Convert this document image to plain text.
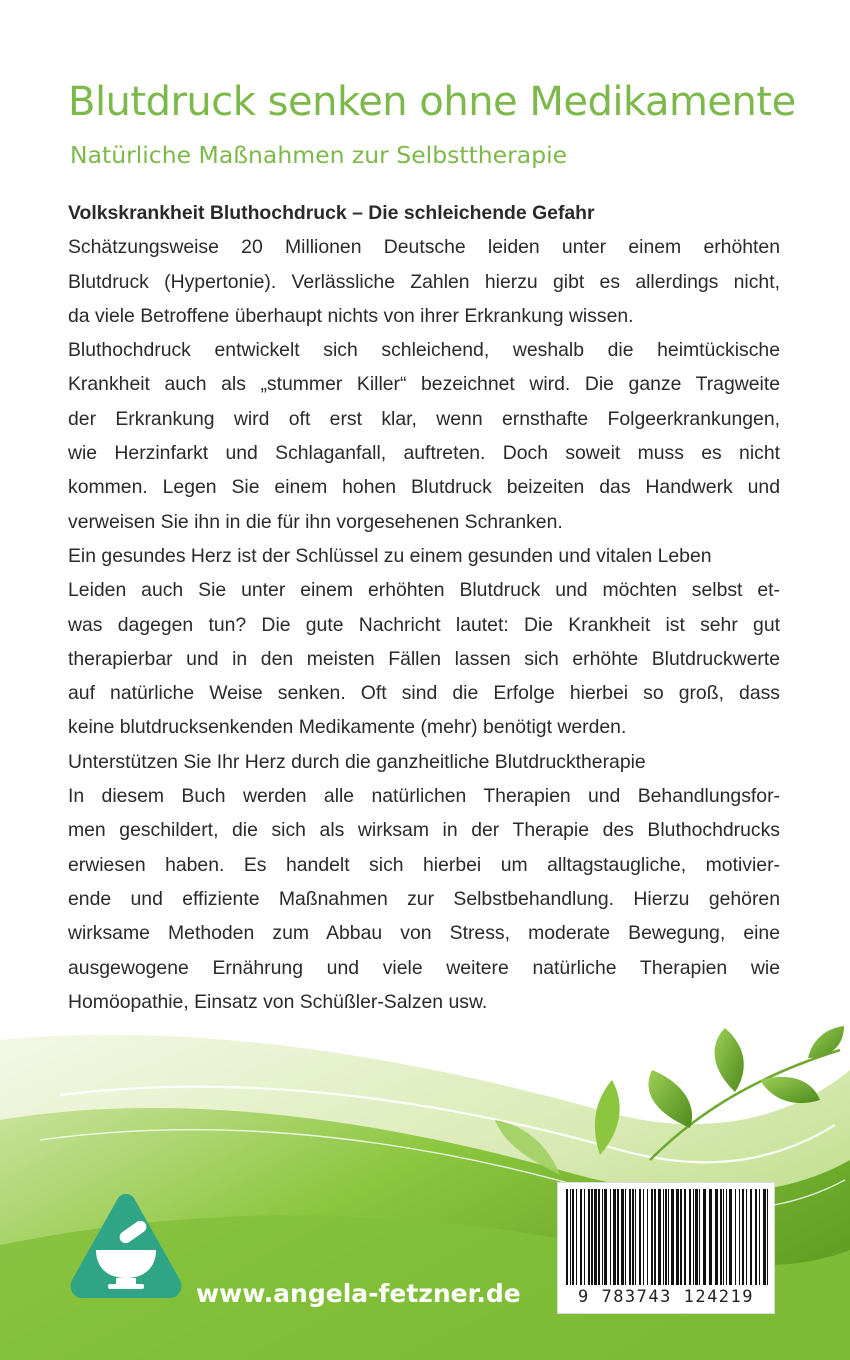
Blutdruck senken ohne Medikamente
Natürliche Maßnahmen zur Selbsttherapie
Volkskrankheit Bluthochdruck – Die schleichende Gefahr
Schätzungsweise 20 Millionen Deutsche leiden unter einem erhöhten
Blutdruck (Hypertonie). Verlässliche Zahlen hierzu gibt es allerdings nicht,
da viele Betroffene überhaupt nichts von ihrer Erkrankung wissen.
Bluthochdruck entwickelt sich schleichend, weshalb die heimtückische
Krankheit auch als „stummer Killer“ bezeichnet wird. Die ganze Tragweite
der Erkrankung wird oft erst klar, wenn ernsthafte Folgeerkrankungen,
wie Herzinfarkt und Schlaganfall, auftreten. Doch soweit muss es nicht
kommen. Legen Sie einem hohen Blutdruck beizeiten das Handwerk und
verweisen Sie ihn in die für ihn vorgesehenen Schranken.
Ein gesundes Herz ist der Schlüssel zu einem gesunden und vitalen Leben
Leiden auch Sie unter einem erhöhten Blutdruck und möchten selbst et-
was dagegen tun? Die gute Nachricht lautet: Die Krankheit ist sehr gut
therapierbar und in den meisten Fällen lassen sich erhöhte Blutdruckwerte
auf natürliche Weise senken. Oft sind die Erfolge hierbei so groß, dass
keine blutdrucksenkenden Medikamente (mehr) benötigt werden.
Unterstützen Sie Ihr Herz durch die ganzheitliche Blutdrucktherapie
In diesem Buch werden alle natürlichen Therapien und Behandlungsfor-
men geschildert, die sich als wirksam in der Therapie des Bluthochdrucks
erwiesen haben. Es handelt sich hierbei um alltagstaugliche, motivier-
ende und effiziente Maßnahmen zur Selbstbehandlung. Hierzu gehören
wirksame Methoden zum Abbau von Stress, moderate Bewegung, eine
ausgewogene Ernährung und viele weitere natürliche Therapien wie
Homöopathie, Einsatz von Schüßler-Salzen usw.
www.angela-fetzner.de	9 783743 124219
